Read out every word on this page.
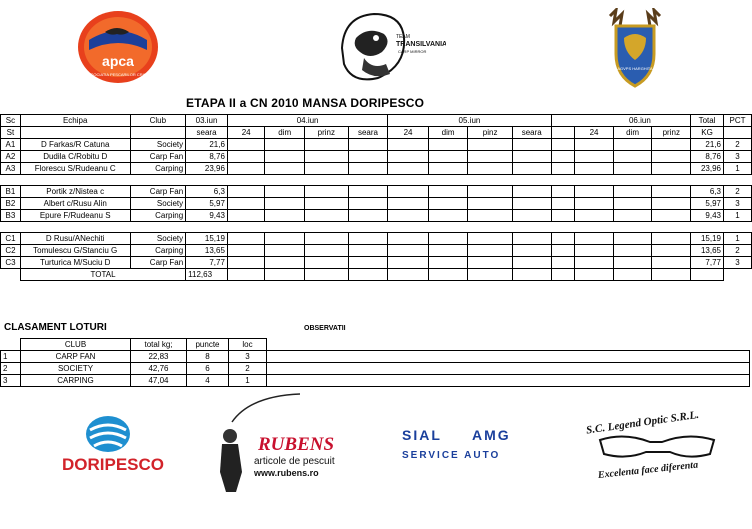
apca
ASOCIATIA PESCARILOR CRAP
TEAM
TRANSILVANIA
CARP MIRROR
AGVPS HARGHITA
ETAPA II a CN 2010 MANSA DORIPESCO
Sc	Echipa	Club	03.iun	04.iun				05.iun				06.iun				Total	PCT
St			seara	24	dim	prinz	seara	24	dim	pinz	seara		24	dim	prinz	KG	
A1	D Farkas/R Catuna	Society	21,6													21,6	2
A2	Dudila C/Robitu D	Carp Fan	8,76													8,76	3
A3	Florescu S/Rudeanu C	Carping	23,96													23,96	1

B1	Portik z/Nistea c	Carp Fan	6,3													6,3	2
B2	Albert c/Rusu Alin	Society	5,97													5,97	3
B3	Epure F/Rudeanu S	Carping	9,43													9,43	1

C1	D Rusu/ANechiti	Society	15,19													15,19	1
C2	Tomulescu G/Stanciu G	Carping	13,65													13,65	2
C3	Turturica M/Suciu D	Carp Fan	7,77													7,77	3
	TOTAL		112,63														
CLASAMENT LOTURI	OBSERVATII
	CLUB	total kg;	puncte	loc	
1	CARP FAN	22,83	8	3	
2	SOCIETY	42,76	6	2	
3	CARPING	47,04	4	1	
DORIPESCO
RUBENS
articole de pescuit
www.rubens.ro
SIAL AMG
SERVICE AUTO
S.C. Legend Optic S.R.L.
Excelenta face diferenta
